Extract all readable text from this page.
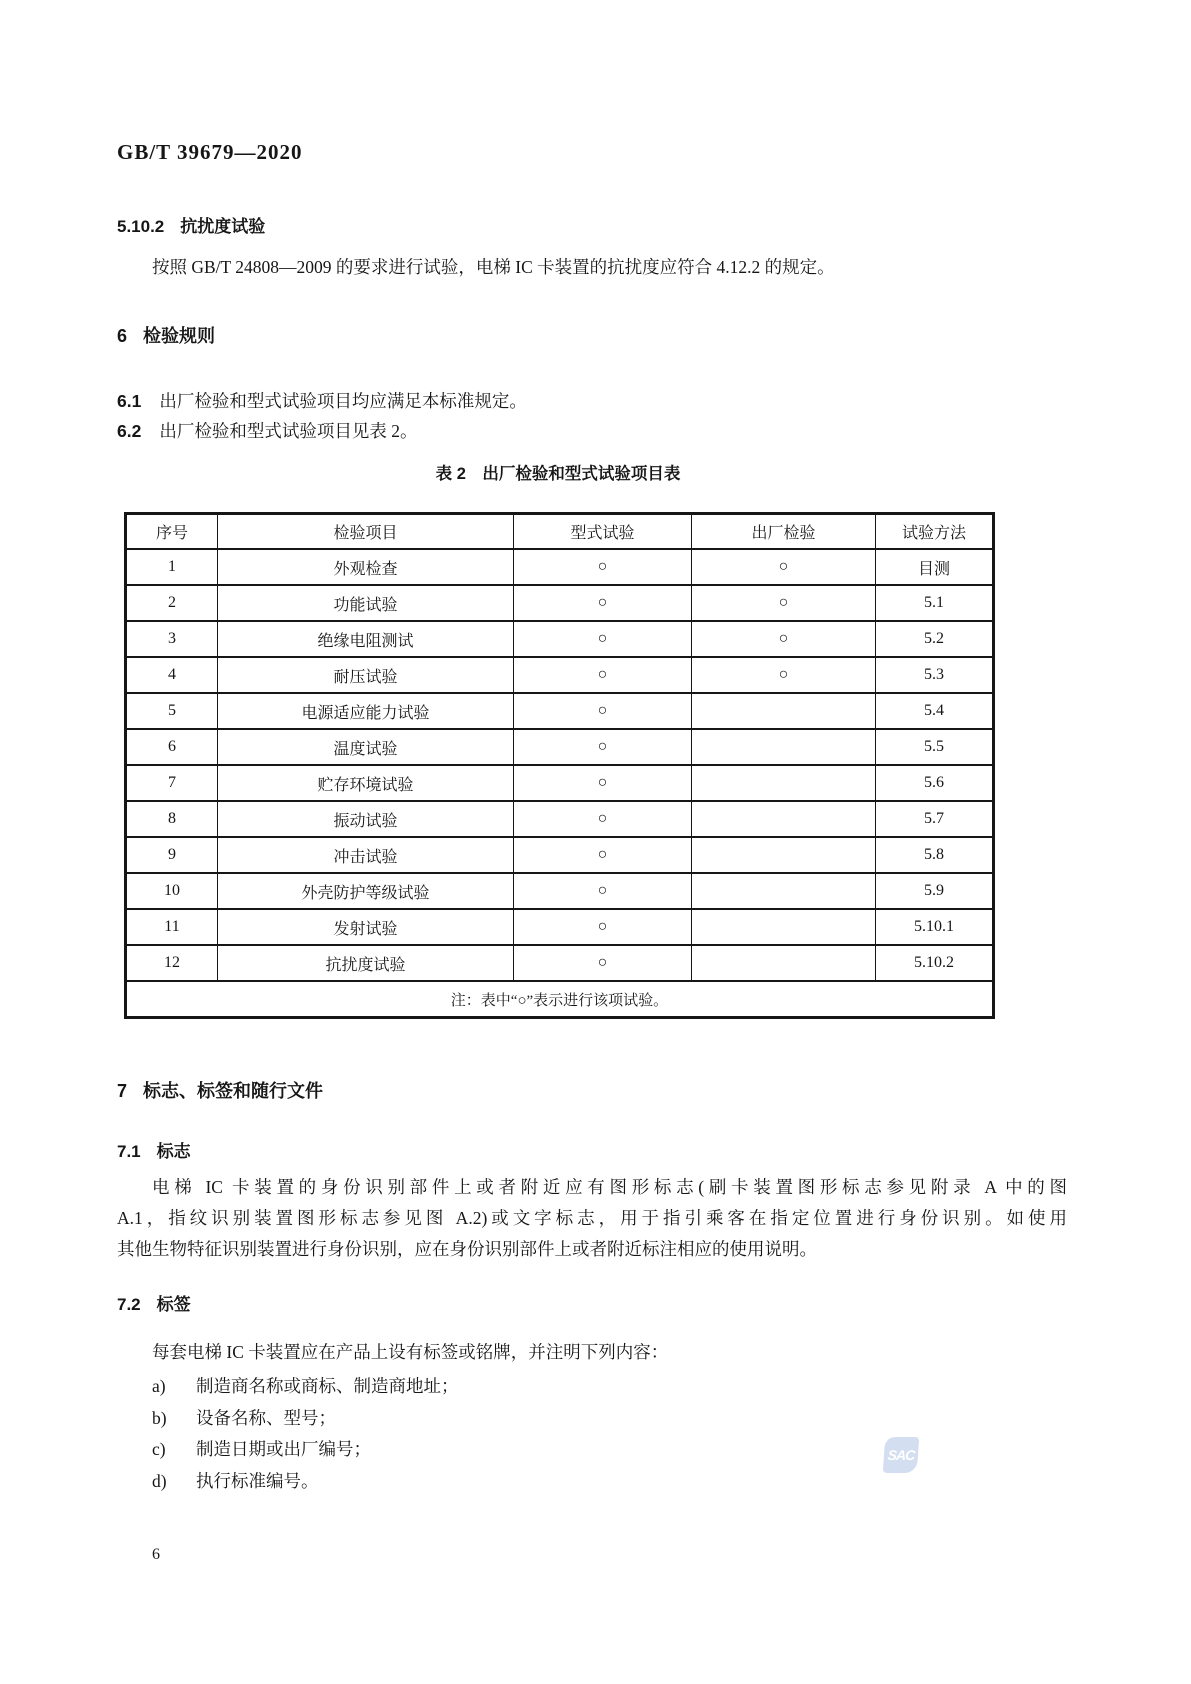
GB/T 39679—2020
5.10.2 抗扰度试验
按照 GB/T 24808—2009 的要求进行试验，电梯 IC 卡装置的抗扰度应符合 4.12.2 的规定。
6 检验规则
6.1 出厂检验和型式试验项目均应满足本标准规定。
6.2 出厂检验和型式试验项目见表 2。
表 2　出厂检验和型式试验项目表
序号	检验项目	型式试验	出厂检验	试验方法
1	外观检查	○	○	目测
2	功能试验	○	○	5.1
3	绝缘电阻测试	○	○	5.2
4	耐压试验	○	○	5.3
5	电源适应能力试验	○		5.4
6	温度试验	○		5.5
7	贮存环境试验	○		5.6
8	振动试验	○		5.7
9	冲击试验	○		5.8
10	外壳防护等级试验	○		5.9
11	发射试验	○		5.10.1
12	抗扰度试验	○		5.10.2
注：表中“○”表示进行该项试验。				
7 标志、标签和随行文件
7.1 标志
电梯 IC 卡装置的身份识别部件上或者附近应有图形标志(刷卡装置图形标志参见附录 A 中的图
A.1，指纹识别装置图形标志参见图 A.2)或文字标志，用于指引乘客在指定位置进行身份识别。如使用
其他生物特征识别装置进行身份识别，应在身份识别部件上或者附近标注相应的使用说明。
7.2 标签
每套电梯 IC 卡装置应在产品上设有标签或铭牌，并注明下列内容：
a) 制造商名称或商标、制造商地址；
b) 设备名称、型号；
c) 制造日期或出厂编号；
d) 执行标准编号。
SAC
6
